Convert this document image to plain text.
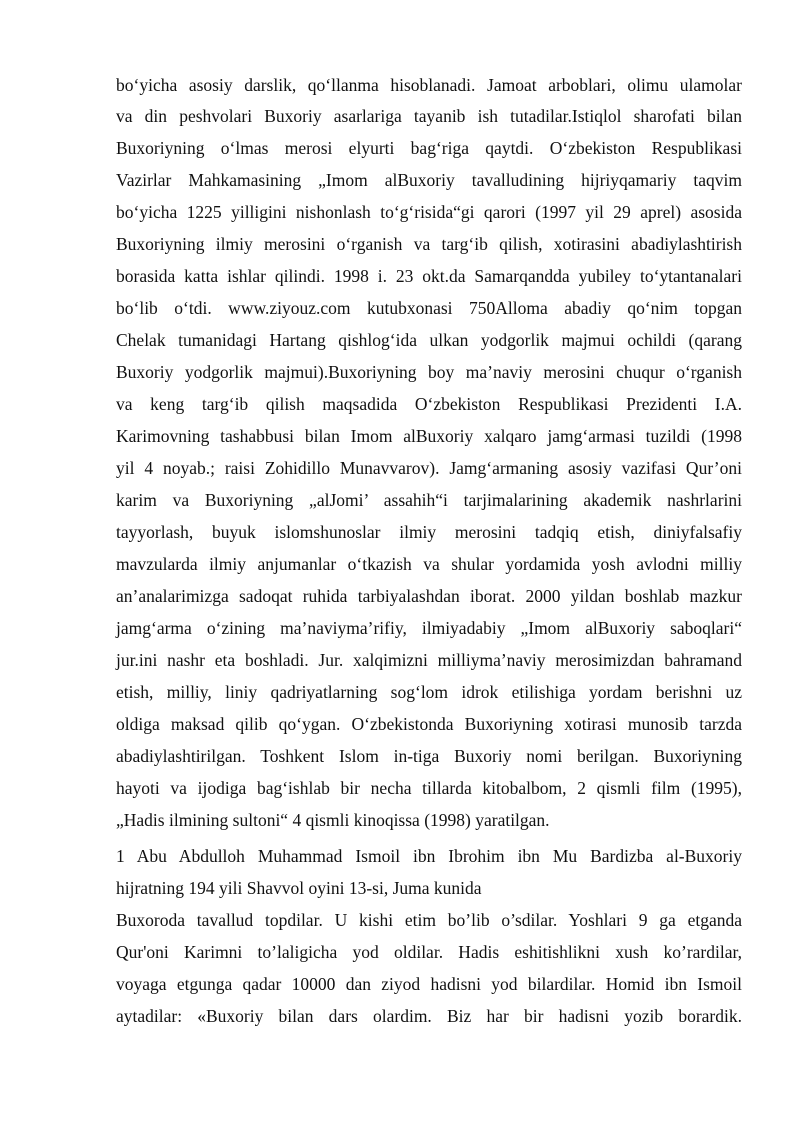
bo‘yicha asosiy darslik, qo‘llanma hisoblanadi. Jamoat arboblari, olimu ulamolar
va din peshvolari Buxoriy asarlariga tayanib ish tutadilar.Istiqlol sharofati bilan
Buxoriyning o‘lmas merosi elyurti bag‘riga qaytdi. O‘zbekiston Respublikasi
Vazirlar Mahkamasining „Imom alBuxoriy tavalludining hijriyqamariy taqvim
bo‘yicha 1225 yilligini nishonlash to‘g‘risida“gi qarori (1997 yil 29 aprel) asosida
Buxoriyning ilmiy merosini o‘rganish va targ‘ib qilish, xotirasini abadiylashtirish
borasida katta ishlar qilindi. 1998 i. 23 okt.da Samarqandda yubiley to‘ytantanalari
bo‘lib o‘tdi. www.ziyouz.com kutubxonasi 750Alloma abadiy qo‘nim topgan
Chelak tumanidagi Hartang qishlog‘ida ulkan yodgorlik majmui ochildi (qarang
Buxoriy yodgorlik majmui).Buxoriyning boy ma’naviy merosini chuqur o‘rganish
va keng targ‘ib qilish maqsadida O‘zbekiston Respublikasi Prezidenti I.A.
Karimovning tashabbusi bilan Imom alBuxoriy xalqaro jamg‘armasi tuzildi (1998
yil 4 noyab.; raisi Zohidillo Munavvarov). Jamg‘armaning asosiy vazifasi Qur’oni
karim va Buxoriyning „alJomi’ assahih“i tarjimalarining akademik nashrlarini
tayyorlash, buyuk islomshunoslar ilmiy merosini tadqiq etish, diniyfalsafiy
mavzularda ilmiy anjumanlar o‘tkazish va shular yordamida yosh avlodni milliy
an’analarimizga sadoqat ruhida tarbiyalashdan iborat. 2000 yildan boshlab mazkur
jamg‘arma o‘zining ma’naviyma’rifiy, ilmiyadabiy „Imom alBuxoriy saboqlari“
jur.ini nashr eta boshladi. Jur. xalqimizni milliyma’naviy merosimizdan bahramand
etish, milliy, liniy qadriyatlarning sog‘lom idrok etilishiga yordam berishni uz
oldiga maksad qilib qo‘ygan. O‘zbekistonda Buxoriyning xotirasi munosib tarzda
abadiylashtirilgan. Toshkent Islom in-tiga Buxoriy nomi berilgan. Buxoriyning
hayoti va ijodiga bag‘ishlab bir necha tillarda kitobalbom, 2 qismli film (1995),
„Hadis ilmining sultoni“ 4 qismli kinoqissa (1998) yaratilgan.
1 Abu Abdulloh Muhammad Ismoil ibn Ibrohim ibn Mu Bardizba al-Buxoriy
hijratning 194 yili Shavvol oyini 13-si, Juma kunida
Buxoroda tavallud topdilar. U kishi etim bo’lib o’sdilar. Yoshlari 9 ga etganda
Qur'oni Karimni to’laligicha yod oldilar. Hadis eshitishlikni xush ko’rardilar,
voyaga etgunga qadar 10000 dan ziyod hadisni yod bilardilar. Homid ibn Ismoil
aytadilar: «Buxoriy bilan dars olardim. Biz har bir hadisni yozib borardik.
